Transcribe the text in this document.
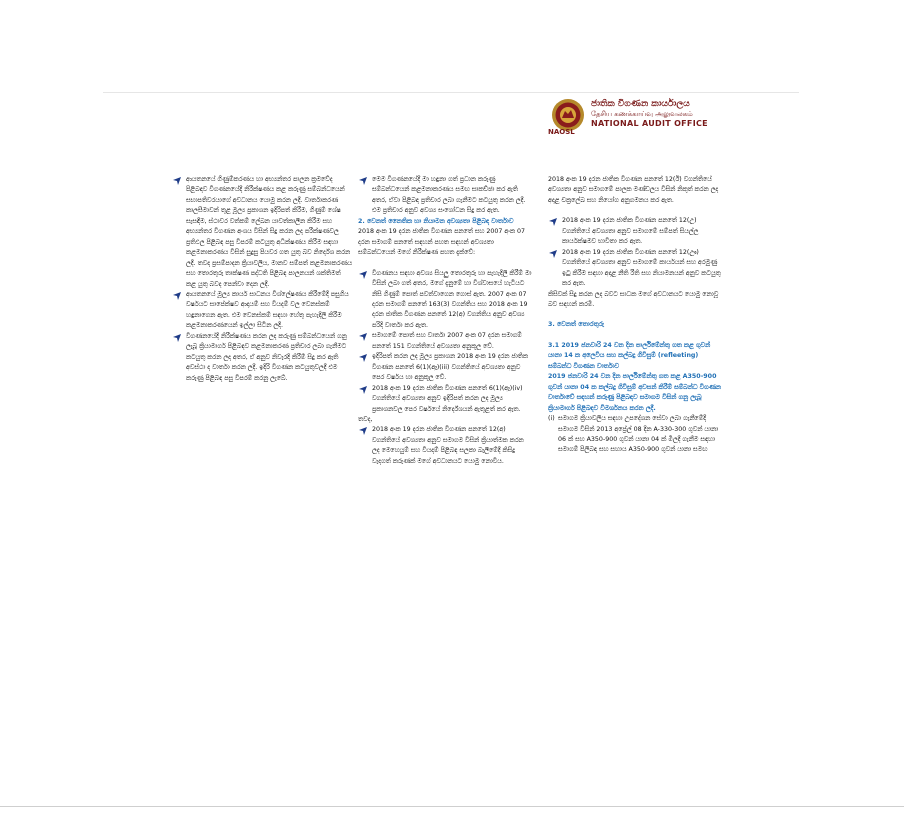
NAOSL
ජාතික විගණන කාර්යාලය
தேசிய கணக்காய்வு அலுவலகம்
NATIONAL AUDIT OFFICE
ආයතනයේ ගිණුම්කරණය හා අභ්‍යන්තර පාලන ක්‍රමවේද පිළිබඳව විගණනයේදී නිරීක්ෂණය කළ කරුණු සම්බන්ධයෙන් සභාපතිවරයාගේ අවධානය යොමු කරන ලදී. වාර්තාකරණ කාලසීමාවන් තුළ මූල්‍ය ප්‍රකාශන ඉදිරිපත් කිරීම, ගිණුම් ශේෂ සැසඳීම, ස්ථාවර වත්කම් ලේඛන යාවත්කාලීන කිරීම සහ අභ්‍යන්තර විගණන අංශය විසින් සිදු කරන ලද පරීක්ෂණවල ප්‍රතිඵල පිළිබඳ පසු විපරම් කටයුතු අධීක්ෂණය කිරීම සඳහා කළමනාකරණය විසින් සුදුසු පියවර ගත යුතු බව නිර්දේශ කරන ලදී. තවද ප්‍රසම්පාදන ක්‍රියාවලිය, මානව සම්පත් කළමනාකරණය සහ තොරතුරු තාක්ෂණ පද්ධති පිළිබඳ පාලනයන් ශක්තිමත් කළ යුතු බවද පෙන්වා දෙන ලදී.
ආයතනයේ මූල්‍ය කාර්ය සාධනය විශ්ලේෂණය කිරීමේදී පසුගිය වර්ෂයට සාපේක්ෂව ආදායම් සහ වියදම් වල වෙනස්කම් හඳුනාගෙන ඇත. එම වෙනස්කම් සඳහා හේතු පැහැදිලි කිරීම කළමනාකරණයෙන් ඉල්ලා සිටින ලදී.
විගණනයේදී නිරීක්ෂණය කරන ලද කරුණු සම්බන්ධයෙන් ගනු ලැබූ ක්‍රියාමාර්ග පිළිබඳව කළමනාකරණ ප්‍රතිචාර ලබා ගැනීමට කටයුතු කරන ලද අතර, ඒ අනුව නිවැරදි කිරීම් සිදු කර ඇති අවස්ථා ද වාර්තා කරන ලදී. ඉදිරි විගණන කටයුතුවලදී එම කරුණු පිළිබඳ පසු විපරම් කරනු ලැබේ.
මෙම විගණනයේදී මා හඳුනා ගත් ප්‍රධාන කරුණු සම්බන්ධයෙන් කළමනාකරණය සමඟ සාකච්ඡා කර ඇති අතර, ඒවා පිළිබඳ ප්‍රතිචාර ලබා ගැනීමට කටයුතු කරන ලදී. එම ප්‍රතිචාර අනුව අවශ්‍ය සංශෝධන සිදු කර ඇත.
2. වෙනත් නෛතික හා නියාමන අවශ්‍යතා පිළිබඳ වාර්තාව
2018 අංක 19 දරන ජාතික විගණන පනතේ සහ 2007 අංක 07 දරන සමාගම් පනතේ සඳහන් පහත සඳහන් අවශ්‍යතා සම්බන්ධයෙන් මගේ නිරීක්ෂණ පහත දැක්වේ:
විගණනය සඳහා අවශ්‍ය සියලු තොරතුරු හා පැහැදිලි කිරීම් මා විසින් ලබා ගත් අතර, මගේ දැනුමේ හා විශ්වාසයේ හැටියට නිසි ගිණුම් පොත් පවත්වාගෙන ගොස් ඇත. 2007 අංක 07 දරන සමාගම් පනතේ 163(3) වගන්තිය සහ 2018 අංක 19 දරන ජාතික විගණන පනතේ 12(අ) වගන්තිය අනුව අවශ්‍ය පරිදි වාර්තා කර ඇත.
සමාගමේ පොත් සහ වාර්තා 2007 අංක 07 දරන සමාගම් පනතේ 151 වගන්තියේ අවශ්‍යතා අනුකූල වේ.
ඉදිරිපත් කරන ලද මූල්‍ය ප්‍රකාශන 2018 අංක 19 දරන ජාතික විගණන පනතේ 6(1)(ඈ)(iii) වගන්තියේ අවශ්‍යතා අනුව පෙර වර්ෂය හා අනුකූල වේ.
2018 අංක 19 දරන ජාතික විගණන පනතේ 6(1)(ඈ)(iv) වගන්තියේ අවශ්‍යතා අනුව ඉදිරිපත් කරන ලද මූල්‍ය ප්‍රකාශනවල පෙර වර්ෂයේ නිර්දේශයන් ඇතුළත් කර ඇත.
තවද,
2018 අංක 19 දරන ජාතික විගණන පනතේ 12(අ) වගන්තියේ අවශ්‍යතා අනුව සමාගම විසින් ක්‍රියාත්මක කරන ලද මෙහෙයුම් සහ වියදම් පිළිබඳ සලකා බැලීමේදී කිසිදු වැදගත් කරුණක් මගේ අවධානයට යොමු නොවීය.
2018 අංක 19 දරන ජාතික විගණන පනතේ 12(ඊ) වගන්තියේ අවශ්‍යතා අනුව සමාගමේ පාලක මණ්ඩලය විසින් නිකුත් කරන ලද අදාළ චක්‍රලේඛ සහ නියෝග අනුගමනය කර ඇත.
2018 අංක 19 දරන ජාතික විගණන පනතේ 12(උ) වගන්තියේ අවශ්‍යතා අනුව සමාගමේ සම්පත් සියල්ල කාර්යක්ෂමව භාවිතා කර ඇත.
2018 අංක 19 දරන ජාතික විගණන පනතේ 12(ඌ) වගන්තියේ අවශ්‍යතා අනුව සමාගමේ කාර්යයන් සහ අරමුණු ඉටු කිරීම සඳහා අදාළ නීති රීති සහ නියාමනයන් අනුව කටයුතු කර ඇත.
කිසිවක් සිදු කරන ලද බවට සාධක මගේ අවධානයට යොමු නොවූ බව සඳහන් කරමි.
3. වෙනත් තොරතුරු
3.1 2019 ජනවාරි 24 වන දින පාර්ලිමේන්තු ගත කළ ගුවන් යානා 14 ක අලෙවිය සහ කල්බදු ගිවිසුම් (refleeting) සම්බන්ධ විගණන වාර්තාව
2019 ජනවාරි 24 වන දින පාර්ලිමේන්තු ගත කළ A350-900 ගුවන් යානා 04 ක කල්බදු ගිවිසුම් අවසන් කිරීම් සම්බන්ධ විගණන වාර්තාවේ සඳහන් කරුණු පිළිබඳව සමාගම විසින් ගනු ලැබූ ක්‍රියාමාර්ග පිළිබඳව විමර්ශනය කරන ලදී.
(i) සමාගම ක්‍රියාවලිය සඳහා උපදේශන සේවා ලබා ගැනීමේදී සමාගම විසින් 2013 අප්‍රේල් 08 දින A-330-300 ගුවන් යානා 06 ක් සහ A350-900 ගුවන් යානා 04 ක් මිලදී ගැනීම සඳහා සමාගම් පිලිබඳ සහ සහාය A350-900 ගුවන් යානා සමඟ
